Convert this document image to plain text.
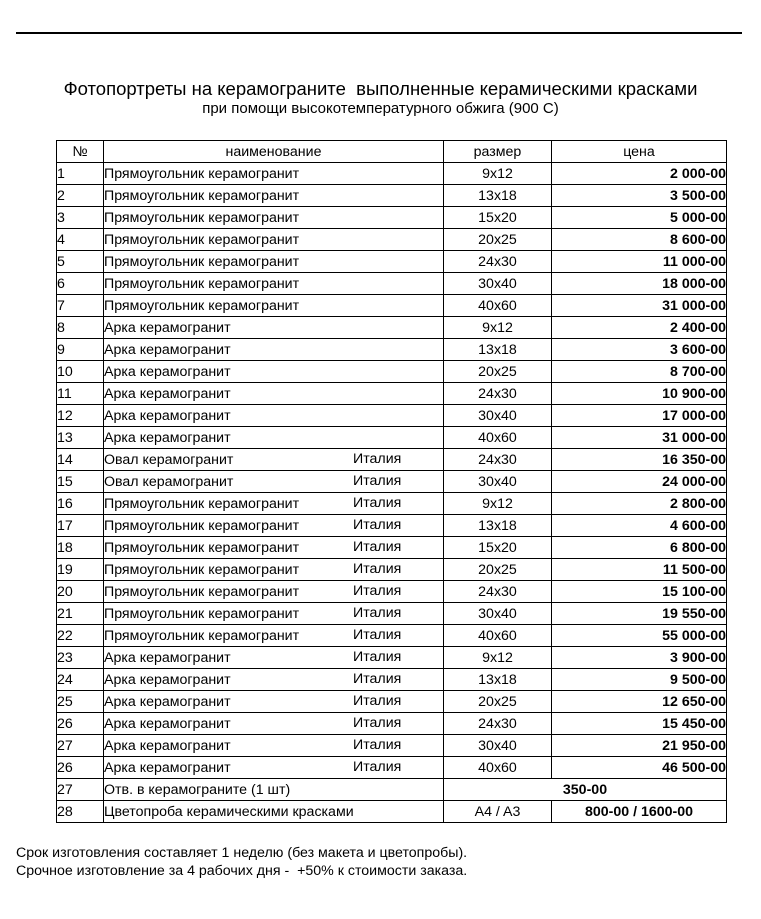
Фотопортреты на керамограните  выполненные керамическими красками
при помощи высокотемпературного обжига (900 С)
№	наименование	размер	цена
1	Прямоугольник керамогранит	9x12	2 000-00
2	Прямоугольник керамогранит	13x18	3 500-00
3	Прямоугольник керамогранит	15x20	5 000-00
4	Прямоугольник керамогранит	20x25	8 600-00
5	Прямоугольник керамогранит	24x30	11 000-00
6	Прямоугольник керамогранит	30x40	18 000-00
7	Прямоугольник керамогранит	40x60	31 000-00
8	Арка керамогранит	9x12	2 400-00
9	Арка керамогранит	13x18	3 600-00
10	Арка керамогранит	20x25	8 700-00
11	Арка керамогранит	24x30	10 900-00
12	Арка керамогранит	30x40	17 000-00
13	Арка керамогранит	40x60	31 000-00
14	Овал керамогранит Италия	24x30	16 350-00
15	Овал керамогранит Италия	30x40	24 000-00
16	Прямоугольник керамогранит Италия	9x12	2 800-00
17	Прямоугольник керамогранит Италия	13x18	4 600-00
18	Прямоугольник керамогранит Италия	15x20	6 800-00
19	Прямоугольник керамогранит Италия	20x25	11 500-00
20	Прямоугольник керамогранит Италия	24x30	15 100-00
21	Прямоугольник керамогранит Италия	30x40	19 550-00
22	Прямоугольник керамогранит Италия	40x60	55 000-00
23	Арка керамогранит Италия	9x12	3 900-00
24	Арка керамогранит Италия	13x18	9 500-00
25	Арка керамогранит Италия	20x25	12 650-00
26	Арка керамогранит Италия	24x30	15 450-00
27	Арка керамогранит Италия	30x40	21 950-00
26	Арка керамогранит Италия	40x60	46 500-00
27	Отв. в керамограните (1 шт)	350-00	
28	Цветопроба керамическими красками	A4 / A3	800-00 / 1600-00
Срок изготовления составляет 1 неделю (без макета и цветопробы).
Срочное изготовление за 4 рабочих дня -  +50% к стоимости заказа.
